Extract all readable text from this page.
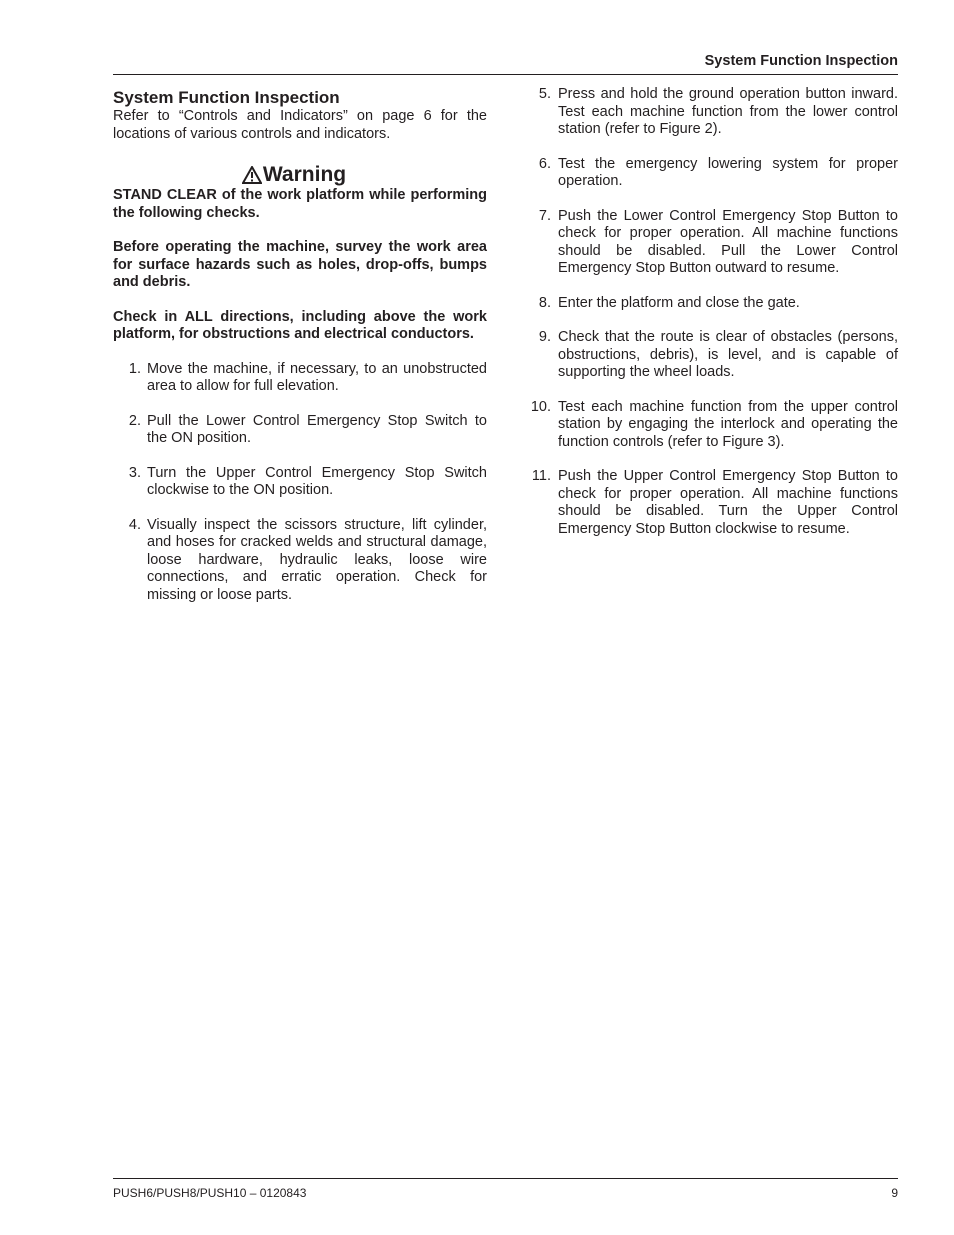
System Function Inspection
System Function Inspection

Refer to “Controls and Indicators” on page 6 for the locations of various controls and indicators.

Warning

STAND CLEAR of the work platform while performing the following checks.

Before operating the machine, survey the work area for surface hazards such as holes, drop-offs, bumps and debris.

Check in ALL directions, including above the work platform, for obstructions and electrical conductors.

1. Move the machine, if necessary, to an unobstructed area to allow for full elevation.
2. Pull the Lower Control Emergency Stop Switch to the ON position.
3. Turn the Upper Control Emergency Stop Switch clockwise to the ON position.
4. Visually inspect the scissors structure, lift cylinder, and hoses for cracked welds and structural damage, loose hardware, hydraulic leaks, loose wire connections, and erratic operation. Check for missing or loose parts.
5. Press and hold the ground operation button inward. Test each machine function from the lower control station (refer to Figure 2).
6. Test the emergency lowering system for proper operation.
7. Push the Lower Control Emergency Stop Button to check for proper operation. All machine functions should be disabled. Pull the Lower Control Emergency Stop Button outward to resume.
8. Enter the platform and close the gate.
9. Check that the route is clear of obstacles (persons, obstructions, debris), is level, and is capable of supporting the wheel loads.
10. Test each machine function from the upper control station by engaging the interlock and operating the function controls (refer to Figure 3).
11. Push the Upper Control Emergency Stop Button to check for proper operation. All machine functions should be disabled. Turn the Upper Control Emergency Stop Button clockwise to resume.
PUSH6/PUSH8/PUSH10 – 0120843	9
